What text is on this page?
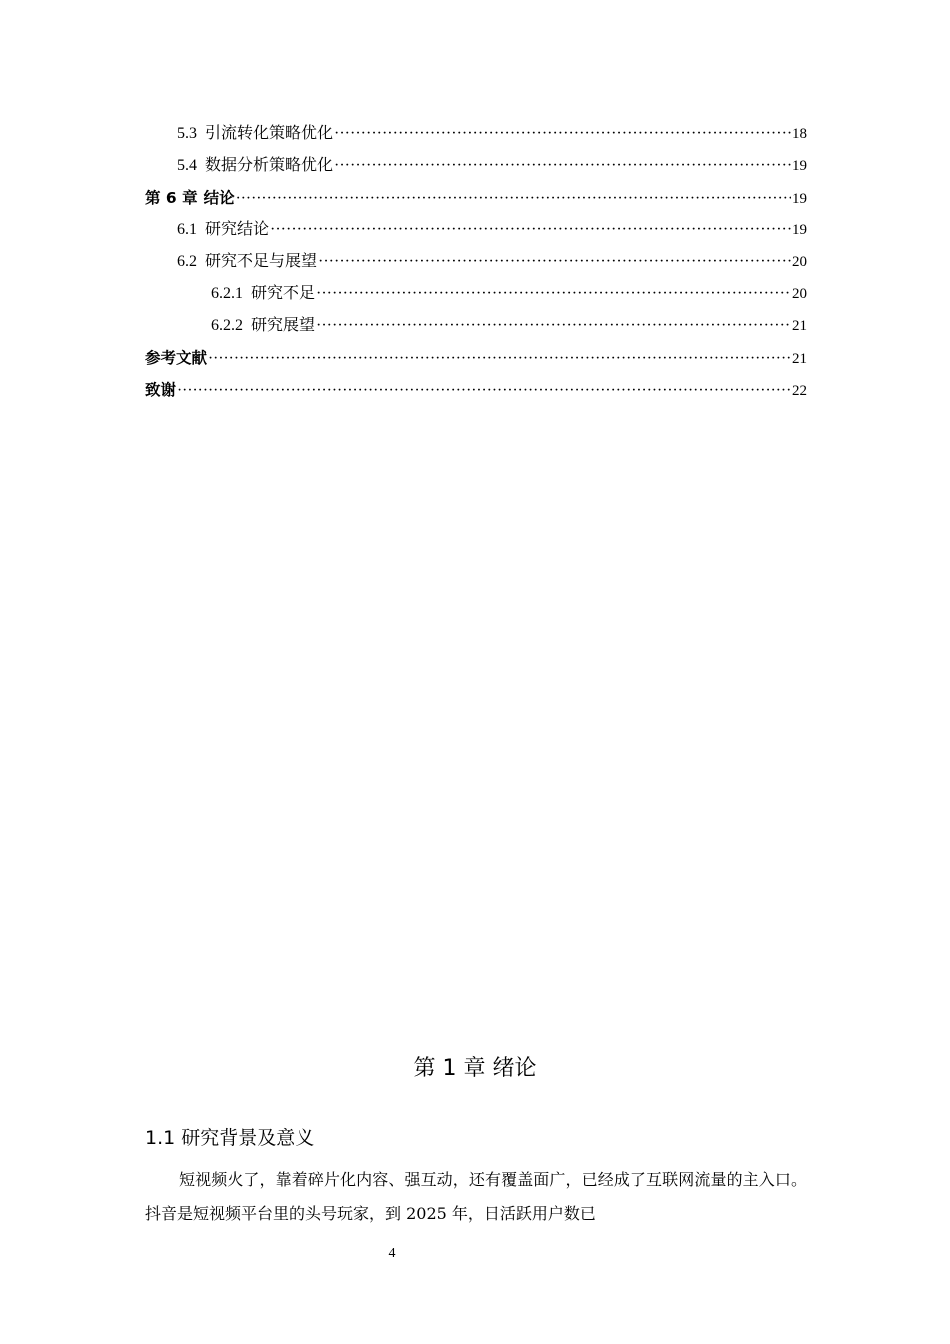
5.3 引流转化策略优化 ·····	18
5.4 数据分析策略优化 ·····	19
第 6 章 结论 ·····	19
6.1 研究结论 ·····	19
6.2 研究不足与展望 ·····	20
6.2.1 研究不足 ·····	20
6.2.2 研究展望 ·····	21
参考文献 ·····	21
致谢 ·····	22
第 1 章 绪论
1.1 研究背景及意义

短视频火了，靠着碎片化内容、强互动，还有覆盖面广，已经成了互联网流量的主入口。抖音是短视频平台里的头号玩家，到 2025 年，日活跃用户数已

4
